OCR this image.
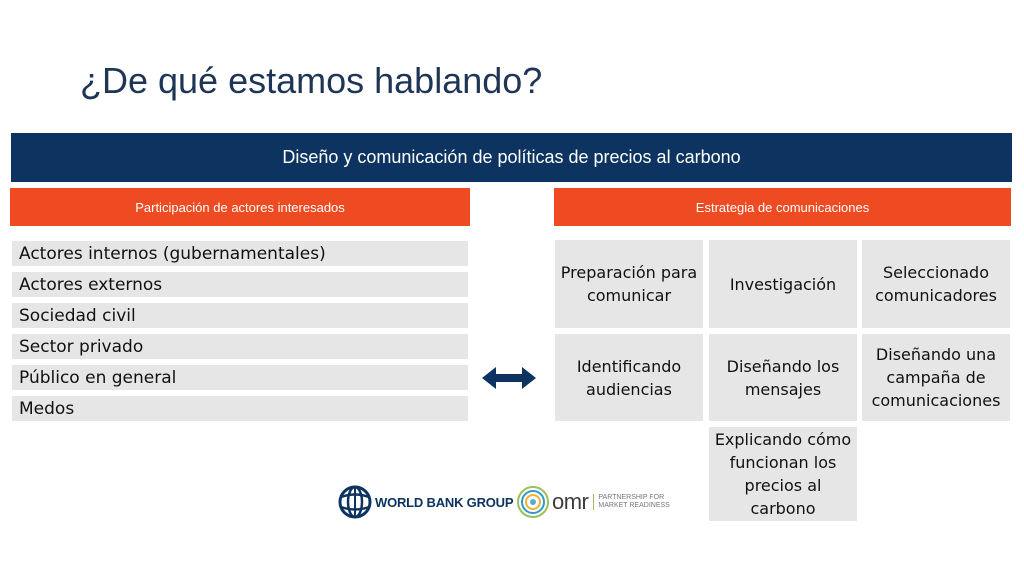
¿De qué estamos hablando?
Diseño y comunicación de políticas de precios al carbono
Participación de actores interesados	Estrategia de comunicaciones
Actores internos (gubernamentales)
Actores externos
Sociedad civil
Sector privado
Público en general
Medos
Preparación para comunicar
Investigación
Seleccionado comunicadores
Identificando audiencias
Diseñando los mensajes
Diseñando una campaña de comunicaciones
Explicando cómo funcionan los precios al carbono
WORLD BANK GROUP omr PARTNERSHIP FOR
MARKET READINESS
